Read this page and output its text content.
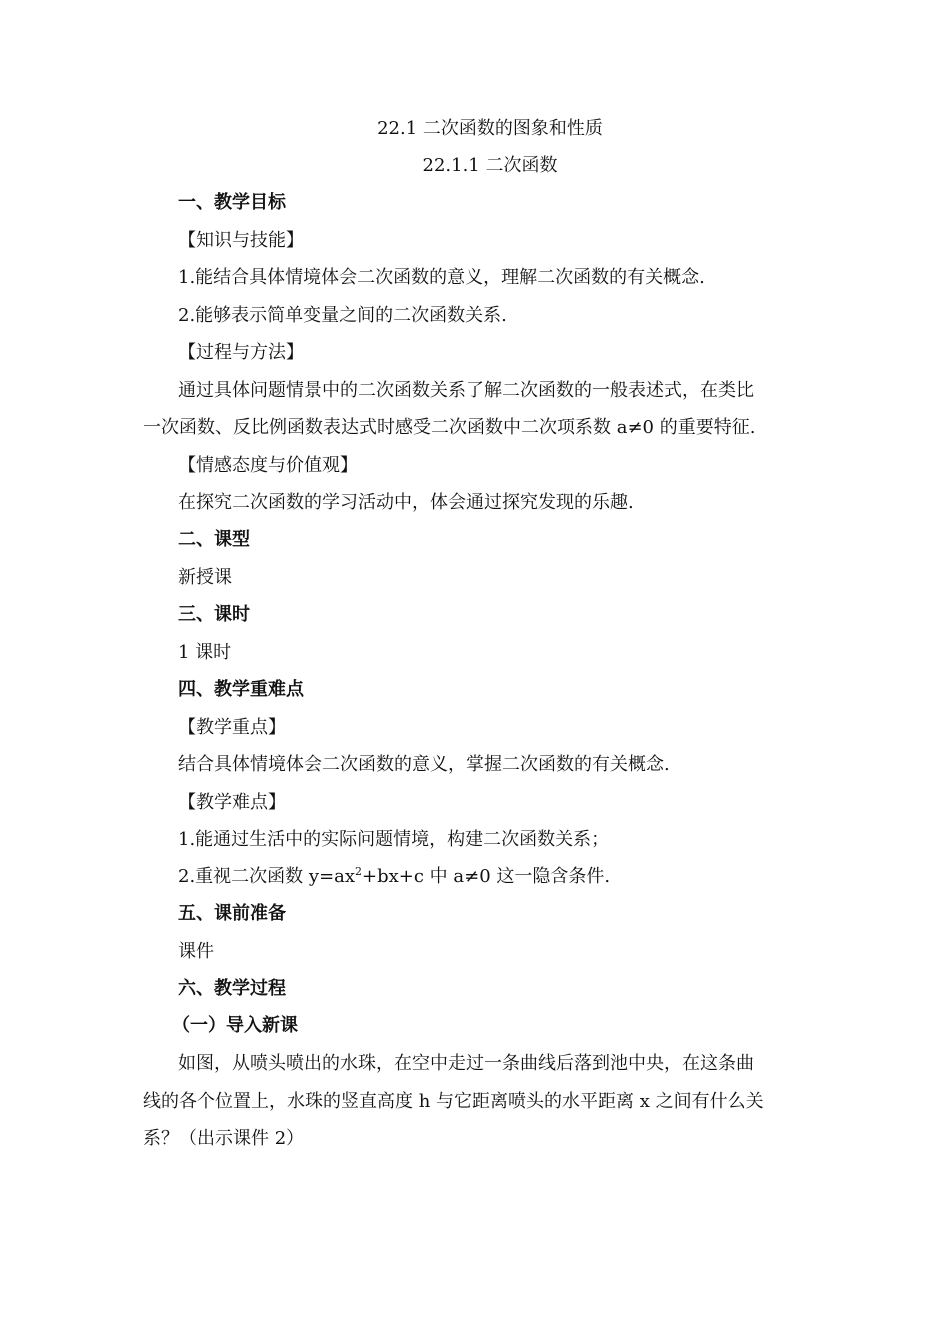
22.1 二次函数的图象和性质
22.1.1 二次函数
一、教学目标
【知识与技能】
1.能结合具体情境体会二次函数的意义，理解二次函数的有关概念.
2.能够表示简单变量之间的二次函数关系.
【过程与方法】
通过具体问题情景中的二次函数关系了解二次函数的一般表述式，在类比
一次函数、反比例函数表达式时感受二次函数中二次项系数 a≠0 的重要特征.
【情感态度与价值观】
在探究二次函数的学习活动中，体会通过探究发现的乐趣.
二、课型
新授课
三、课时
1 课时
四、教学重难点
【教学重点】
结合具体情境体会二次函数的意义，掌握二次函数的有关概念.
【教学难点】
1.能通过生活中的实际问题情境，构建二次函数关系；
2.重视二次函数 $y=ax^2+bx+c$ 中 a≠0 这一隐含条件.
五、课前准备
课件
六、教学过程
（一）导入新课
如图，从喷头喷出的水珠，在空中走过一条曲线后落到池中央，在这条曲
线的各个位置上，水珠的竖直高度 h 与它距离喷头的水平距离 x 之间有什么关
系？（出示课件 2）
